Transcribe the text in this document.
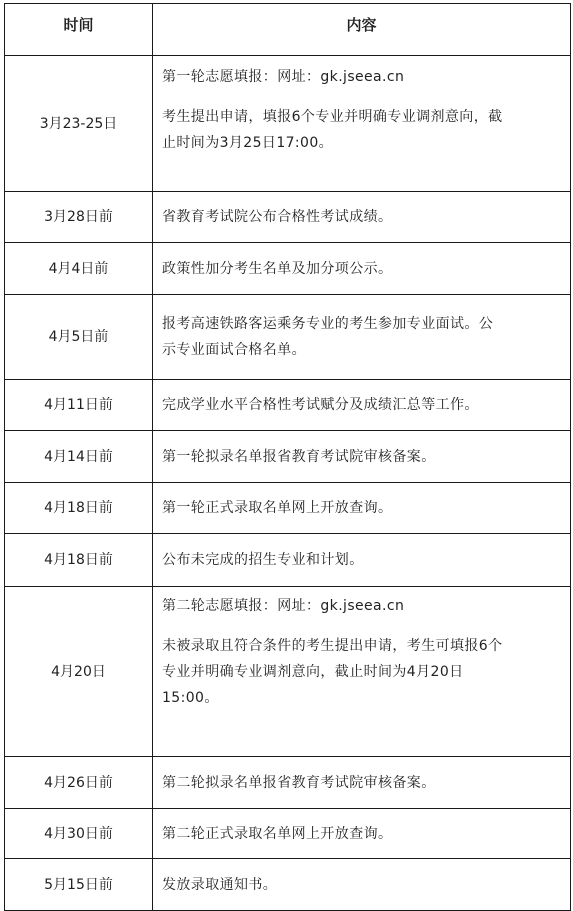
时间	内容
3月23-25日	第一轮志愿填报：网址：gk.jseea.cn

考生提出申请，填报6个专业并明确专业调剂意向，截

止时间为3月25日17:00。

3月28日前	省教育考试院公布合格性考试成绩。
4月4日前	政策性加分考生名单及加分项公示。
4月5日前	报考高速铁路客运乘务专业的考生参加专业面试。公

示专业面试合格名单。

4月11日前	完成学业水平合格性考试赋分及成绩汇总等工作。
4月14日前	第一轮拟录名单报省教育考试院审核备案。
4月18日前	第一轮正式录取名单网上开放查询。
4月18日前	公布未完成的招生专业和计划。
4月20日	第二轮志愿填报：网址：gk.jseea.cn

未被录取且符合条件的考生提出申请，考生可填报6个

专业并明确专业调剂意向，截止时间为4月20日

15:00。

4月26日前	第二轮拟录名单报省教育考试院审核备案。
4月30日前	第二轮正式录取名单网上开放查询。
5月15日前	发放录取通知书。
